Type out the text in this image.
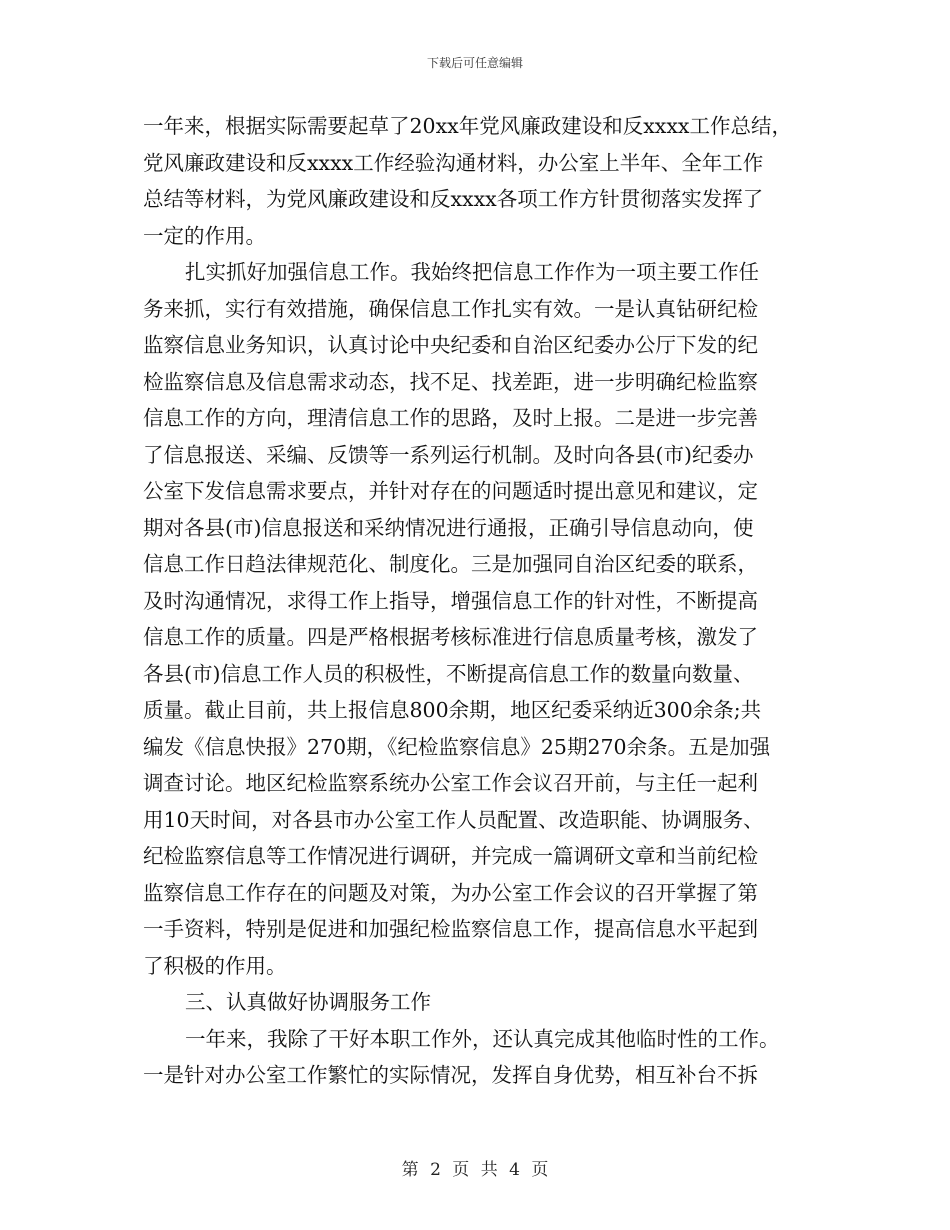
下载后可任意编辑
一年来，根据实际需要起草了20xx年党风廉政建设和反xxxx工作总结，
党风廉政建设和反xxxx工作经验沟通材料，办公室上半年、全年工作
总结等材料，为党风廉政建设和反xxxx各项工作方针贯彻落实发挥了
一定的作用。
扎实抓好加强信息工作。我始终把信息工作作为一项主要工作任
务来抓，实行有效措施，确保信息工作扎实有效。一是认真钻研纪检
监察信息业务知识，认真讨论中央纪委和自治区纪委办公厅下发的纪
检监察信息及信息需求动态，找不足、找差距，进一步明确纪检监察
信息工作的方向，理清信息工作的思路，及时上报。二是进一步完善
了信息报送、采编、反馈等一系列运行机制。及时向各县(市)纪委办
公室下发信息需求要点，并针对存在的问题适时提出意见和建议，定
期对各县(市)信息报送和采纳情况进行通报，正确引导信息动向，使
信息工作日趋法律规范化、制度化。三是加强同自治区纪委的联系，
及时沟通情况，求得工作上指导，增强信息工作的针对性，不断提高
信息工作的质量。四是严格根据考核标准进行信息质量考核，激发了
各县(市)信息工作人员的积极性，不断提高信息工作的数量向数量、
质量。截止目前，共上报信息800余期，地区纪委采纳近300余条;共
编发《信息快报》270期，《纪检监察信息》25期270余条。五是加强
调查讨论。地区纪检监察系统办公室工作会议召开前，与主任一起利
用10天时间，对各县市办公室工作人员配置、改造职能、协调服务、
纪检监察信息等工作情况进行调研，并完成一篇调研文章和当前纪检
监察信息工作存在的问题及对策，为办公室工作会议的召开掌握了第
一手资料，特别是促进和加强纪检监察信息工作，提高信息水平起到
了积极的作用。
三、认真做好协调服务工作
一年来，我除了干好本职工作外，还认真完成其他临时性的工作。
一是针对办公室工作繁忙的实际情况，发挥自身优势，相互补台不拆
第 2 页 共 4 页
